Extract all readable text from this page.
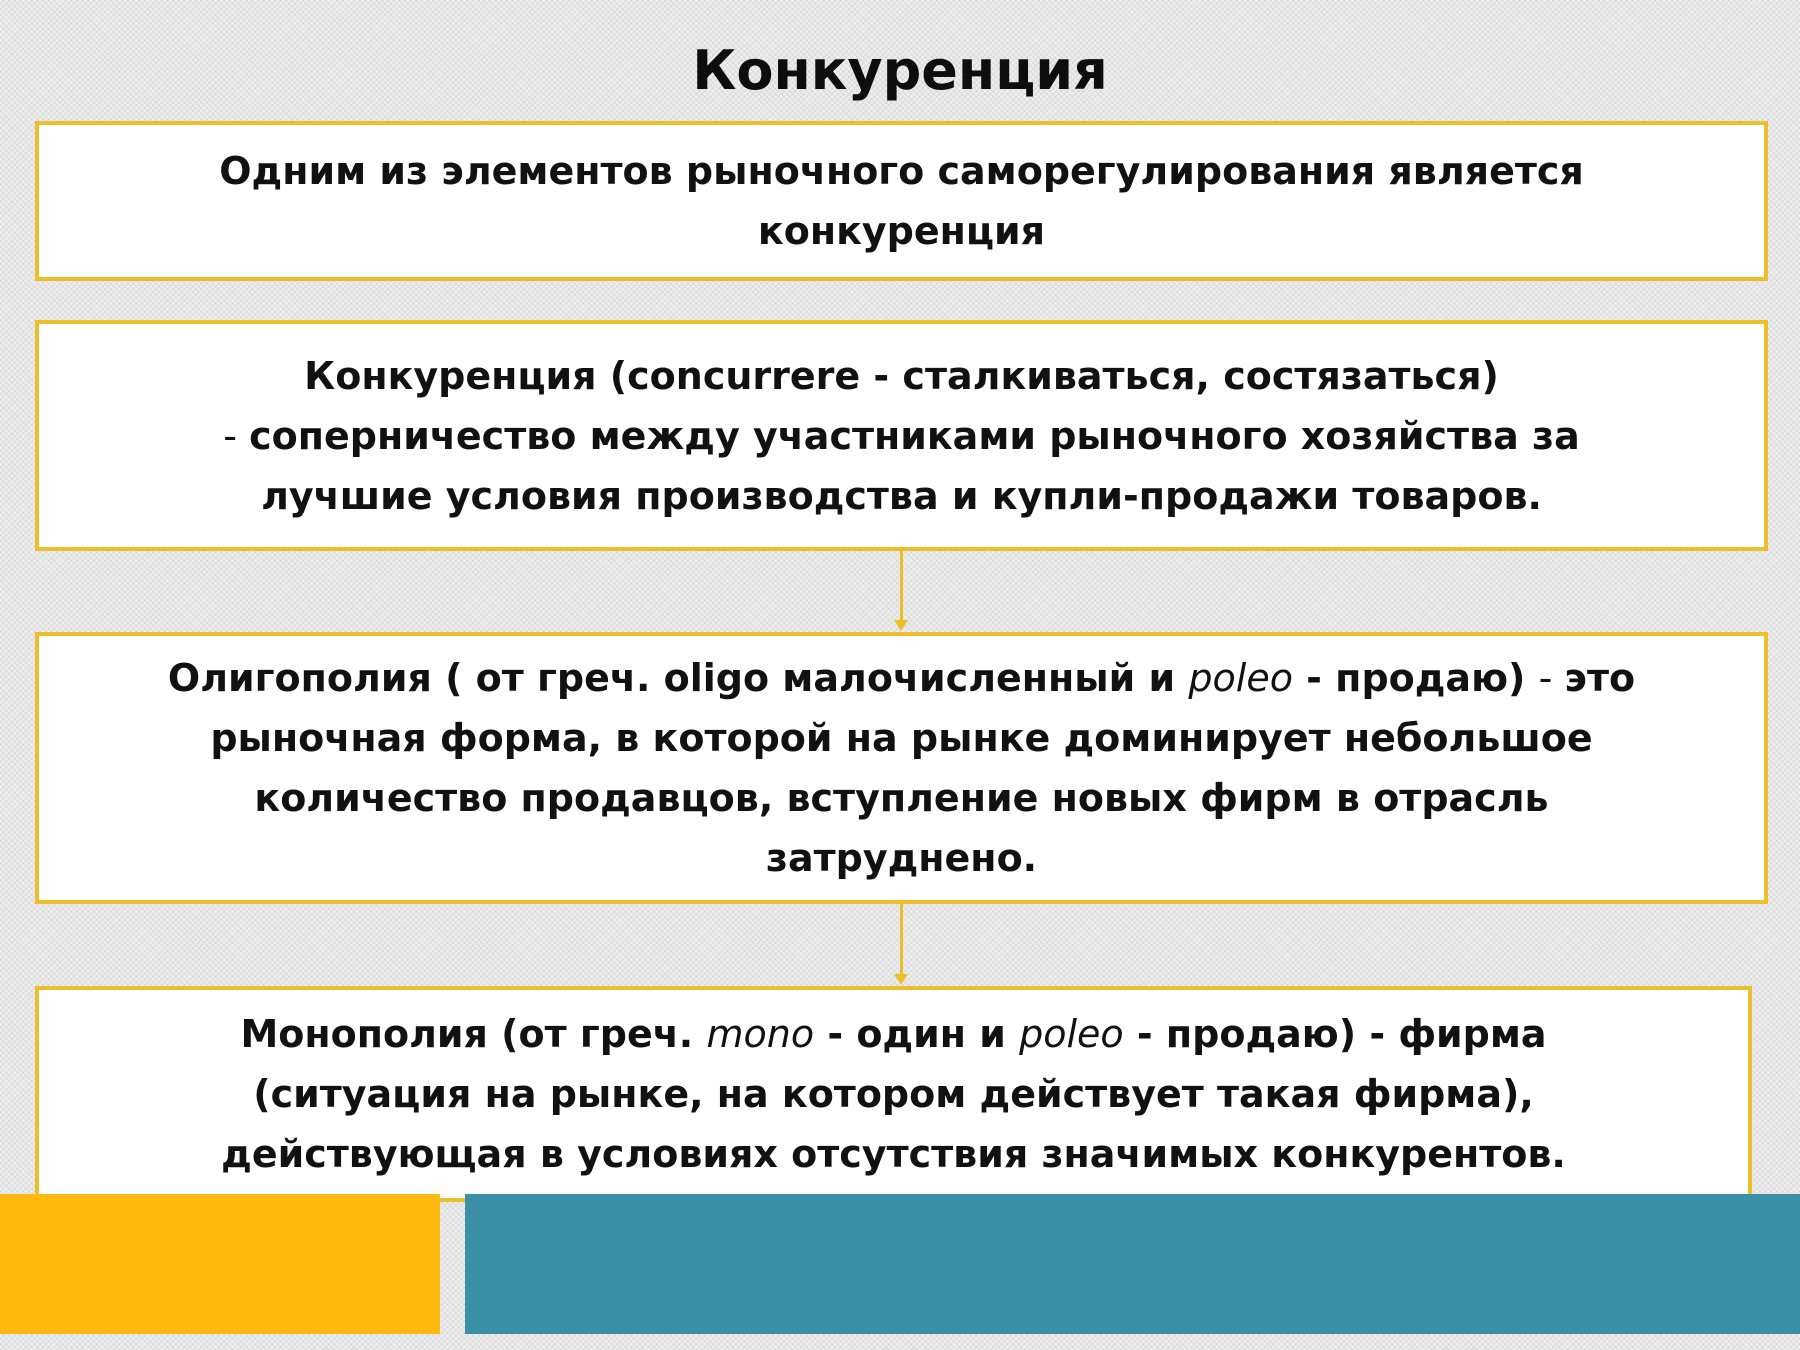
Конкуренция
Одним из элементов рыночного саморегулирования является
конкуренция
Конкуренция (concurrere - сталкиваться, состязаться)
- соперничество между участниками рыночного хозяйства за
лучшие условия производства и купли-продажи товаров.
Олигополия ( от греч. oligo малочисленный и poleo - продаю) - это
рыночная форма, в которой на рынке доминирует небольшое
количество продавцов, вступление новых фирм в отрасль
затруднено.
Монополия (от греч. mono - один и poleo - продаю) - фирма
(ситуация на рынке, на котором действует такая фирма),
действующая в условиях отсутствия значимых конкурентов.
